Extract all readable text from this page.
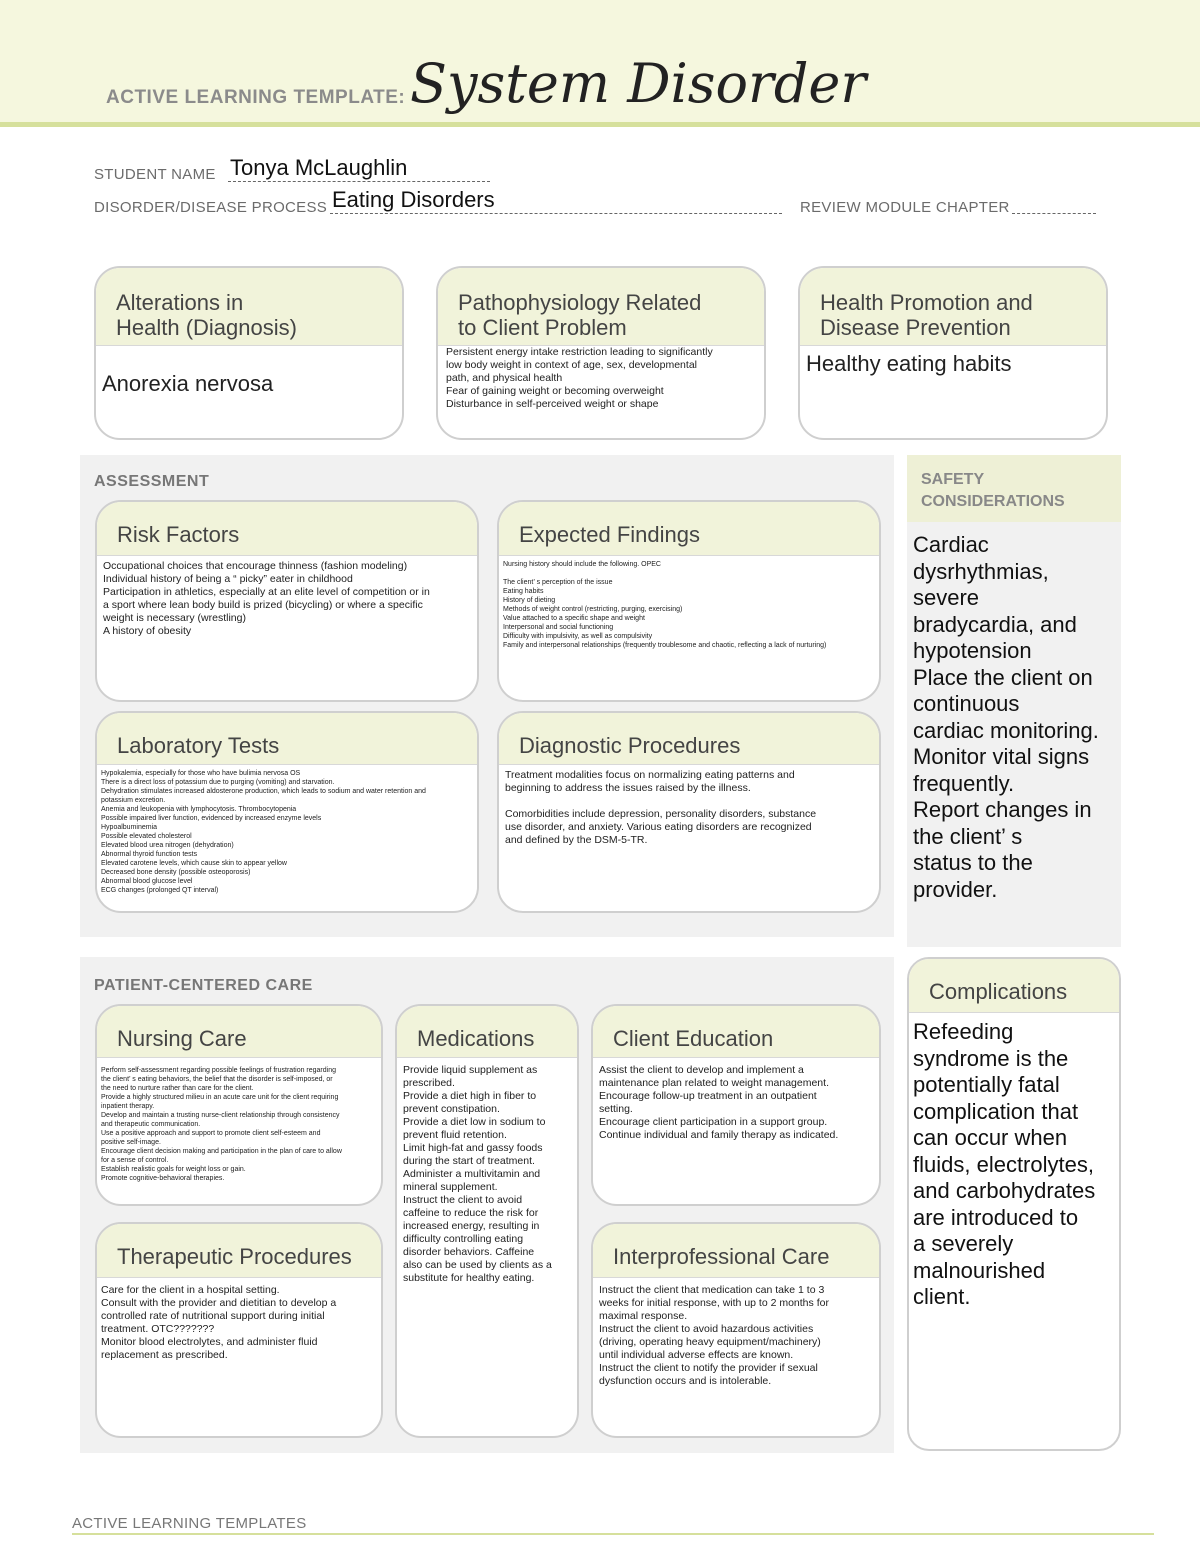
ACTIVE LEARNING TEMPLATE: System Disorder
STUDENT NAME Tonya McLaughlin
DISORDER/DISEASE PROCESS Eating Disorders	REVIEW MODULE CHAPTER
Alterations in
Health (Diagnosis)
Anorexia nervosa
Pathophysiology Related
to Client Problem
Persistent energy intake restriction leading to significantly
low body weight in context of age, sex, developmental
path, and physical health
Fear of gaining weight or becoming overweight
Disturbance in self-perceived weight or shape
Health Promotion and
Disease Prevention
Healthy eating habits
ASSESSMENT
Risk Factors
Occupational choices that encourage thinness (fashion modeling)
Individual history of being a “ picky” eater in childhood
Participation in athletics, especially at an elite level of competition or in
a sport where lean body build is prized (bicycling) or where a specific
weight is necessary (wrestling)
A history of obesity
Expected Findings
Nursing history should include the following. OPEC

The client’ s perception of the issue
Eating habits
History of dieting
Methods of weight control (restricting, purging, exercising)
Value attached to a specific shape and weight
Interpersonal and social functioning
Difficulty with impulsivity, as well as compulsivity
Family and interpersonal relationships (frequently troublesome and chaotic, reflecting a lack of nurturing)
Laboratory Tests
Hypokalemia, especially for those who have bulimia nervosa OS
There is a direct loss of potassium due to purging (vomiting) and starvation.
Dehydration stimulates increased aldosterone production, which leads to sodium and water retention and
potassium excretion.
Anemia and leukopenia with lymphocytosis. Thrombocytopenia
Possible impaired liver function, evidenced by increased enzyme levels
Hypoalbuminemia
Possible elevated cholesterol
Elevated blood urea nitrogen (dehydration)
Abnormal thyroid function tests
Elevated carotene levels, which cause skin to appear yellow
Decreased bone density (possible osteoporosis)
Abnormal blood glucose level
ECG changes (prolonged QT interval)
Diagnostic Procedures
Treatment modalities focus on normalizing eating patterns and
beginning to address the issues raised by the illness.

Comorbidities include depression, personality disorders, substance
use disorder, and anxiety. Various eating disorders are recognized
and defined by the DSM-5-TR.
SAFETY
CONSIDERATIONS
Cardiac
dysrhythmias,
severe
bradycardia, and
hypotension
Place the client on
continuous
cardiac monitoring.
Monitor vital signs
frequently.
Report changes in
the client’ s
status to the
provider.
PATIENT-CENTERED CARE
Nursing Care
Perform self-assessment regarding possible feelings of frustration regarding
the client’ s eating behaviors, the belief that the disorder is self-imposed, or
the need to nurture rather than care for the client.
Provide a highly structured milieu in an acute care unit for the client requiring
inpatient therapy.
Develop and maintain a trusting nurse-client relationship through consistency
and therapeutic communication.
Use a positive approach and support to promote client self-esteem and
positive self-image.
Encourage client decision making and participation in the plan of care to allow
for a sense of control.
Establish realistic goals for weight loss or gain.
Promote cognitive-behavioral therapies.
Medications
Provide liquid supplement as
prescribed.
Provide a diet high in fiber to
prevent constipation.
Provide a diet low in sodium to
prevent fluid retention.
Limit high-fat and gassy foods
during the start of treatment.
Administer a multivitamin and
mineral supplement.
Instruct the client to avoid
caffeine to reduce the risk for
increased energy, resulting in
difficulty controlling eating
disorder behaviors. Caffeine
also can be used by clients as a
substitute for healthy eating.
Client Education
Assist the client to develop and implement a
maintenance plan related to weight management.
Encourage follow-up treatment in an outpatient
setting.
Encourage client participation in a support group.
Continue individual and family therapy as indicated.
Therapeutic Procedures
Care for the client in a hospital setting.
Consult with the provider and dietitian to develop a
controlled rate of nutritional support during initial
treatment. OTC???????
Monitor blood electrolytes, and administer fluid
replacement as prescribed.
Interprofessional Care
Instruct the client that medication can take 1 to 3
weeks for initial response, with up to 2 months for
maximal response.
Instruct the client to avoid hazardous activities
(driving, operating heavy equipment/machinery)
until individual adverse effects are known.
Instruct the client to notify the provider if sexual
dysfunction occurs and is intolerable.
Complications
Refeeding
syndrome is the
potentially fatal
complication that
can occur when
fluids, electrolytes,
and carbohydrates
are introduced to
a severely
malnourished
client.
ACTIVE LEARNING TEMPLATES
